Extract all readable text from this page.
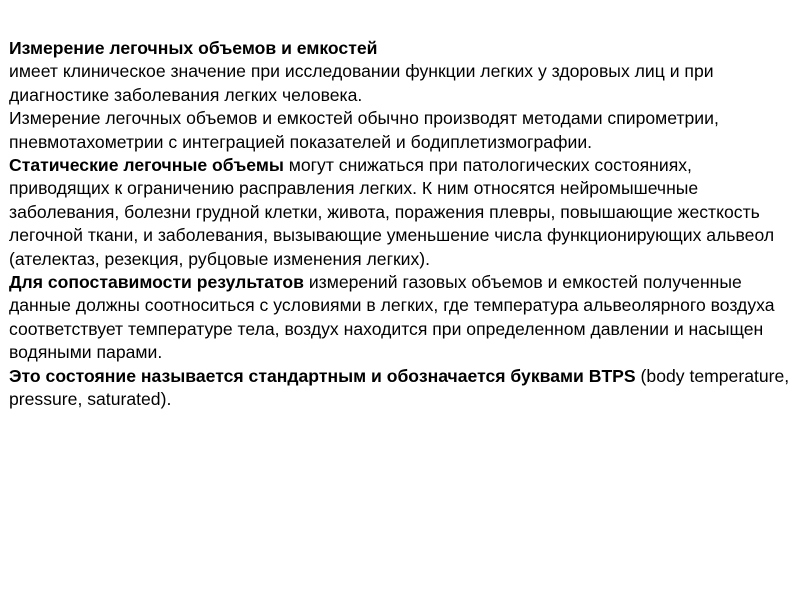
Измерение легочных объемов и емкостей

имеет клиническое значение при исследовании функции легких у здоровых лиц и при диагностике заболевания легких человека.

Измерение легочных объемов и емкостей обычно производят методами спирометрии, пневмотахометрии с интеграцией показателей и бодиплетизмографии.

Статические легочные объемы могут снижаться при патологических состояниях, приводящих к ограничению расправления легких. К ним относятся нейромышечные заболевания, болезни грудной клетки, живота, поражения плевры, повышающие жесткость легочной ткани, и заболевания, вызывающие уменьшение числа функционирующих альвеол (ателектаз, резекция, рубцовые изменения легких).

Для сопоставимости результатов измерений газовых объемов и емкостей полученные данные должны соотноситься с условиями в легких, где температура альвеолярного воздуха соответствует температуре тела, воздух находится при определенном давлении и насыщен водяными парами.

Это состояние называется стандартным и обозначается буквами BTPS (body temperature, pressure, saturated).
